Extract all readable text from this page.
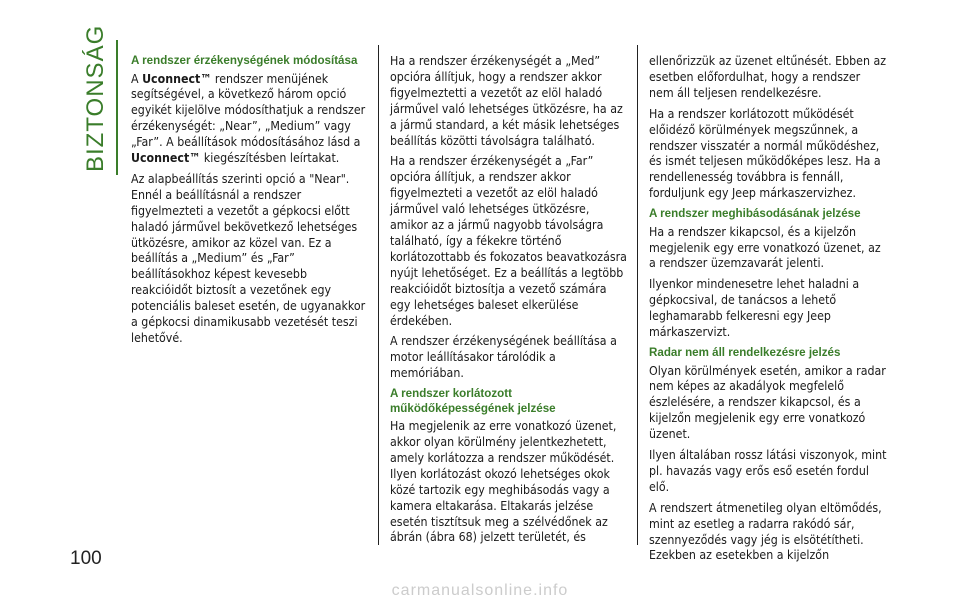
BIZTONSÁG A rendszer érzékenységének módosítása

A Uconnect™ rendszer menüjének segítségével, a következő három opció egyikét kijelölve módosíthatjuk a rendszer érzékenységét: „Near”, „Medium” vagy „Far”. A beállítások módosításához lásd a Uconnect™ kiegészítésben leírtakat.

Az alapbeállítás szerinti opció a "Near". Ennél a beállításnál a rendszer figyelmezteti a vezetőt a gépkocsi előtt haladó járművel bekövetkező lehetséges ütközésre, amikor az közel van. Ez a beállítás a „Medium” és „Far” beállításokhoz képest kevesebb reakcióidőt biztosít a vezetőnek egy potenciális baleset esetén, de ugyanakkor a gépkocsi dinamikusabb vezetését teszi lehetővé.

Ha a rendszer érzékenységét a „Med” opcióra állítjuk, hogy a rendszer akkor figyelmeztetti a vezetőt az elöl haladó járművel való lehetséges ütközésre, ha az a jármű standard, a két másik lehetséges beállítás közötti távolságra található.

Ha a rendszer érzékenységét a „Far” opcióra állítjuk, a rendszer akkor figyelmezteti a vezetőt az elöl haladó járművel való lehetséges ütközésre, amikor az a jármű nagyobb távolságra található, így a fékekre történő korlátozottabb és fokozatos beavatkozásra nyújt lehetőséget. Ez a beállítás a legtöbb reakcióidőt biztosítja a vezető számára egy lehetséges baleset elkerülése érdekében.

A rendszer érzékenységének beállítása a motor leállításakor tárolódik a memóriában.

A rendszer korlátozott működőképességének jelzése

Ha megjelenik az erre vonatkozó üzenet, akkor olyan körülmény jelentkezhetett, amely korlátozza a rendszer működését. Ilyen korlátozást okozó lehetséges okok közé tartozik egy meghibásodás vagy a kamera eltakarása. Eltakarás jelzése esetén tisztítsuk meg a szélvédőnek az ábrán (ábra 68) jelzett területét, és

ellenőrizzük az üzenet eltűnését. Ebben az esetben előfordulhat, hogy a rendszer nem áll teljesen rendelkezésre.

Ha a rendszer korlátozott működését előidéző körülmények megszűnnek, a rendszer visszatér a normál működéshez, és ismét teljesen működőképes lesz. Ha a rendellenesség továbbra is fennáll, forduljunk egy Jeep márkaszervizhez.

A rendszer meghibásodásának jelzése

Ha a rendszer kikapcsol, és a kijelzőn megjelenik egy erre vonatkozó üzenet, az a rendszer üzemzavarát jelenti.

Ilyenkor mindenesetre lehet haladni a gépkocsival, de tanácsos a lehető leghamarabb felkeresni egy Jeep márkaszervizt.

Radar nem áll rendelkezésre jelzés

Olyan körülmények esetén, amikor a radar nem képes az akadályok megfelelő észlelésére, a rendszer kikapcsol, és a kijelzőn megjelenik egy erre vonatkozó üzenet.

Ilyen általában rossz látási viszonyok, mint pl. havazás vagy erős eső esetén fordul elő.

A rendszert átmenetileg olyan eltömődés, mint az esetleg a radarra rakódó sár, szennyeződés vagy jég is elsötétítheti. Ezekben az esetekben a kijelzőn

100
carmanualsonline.info
